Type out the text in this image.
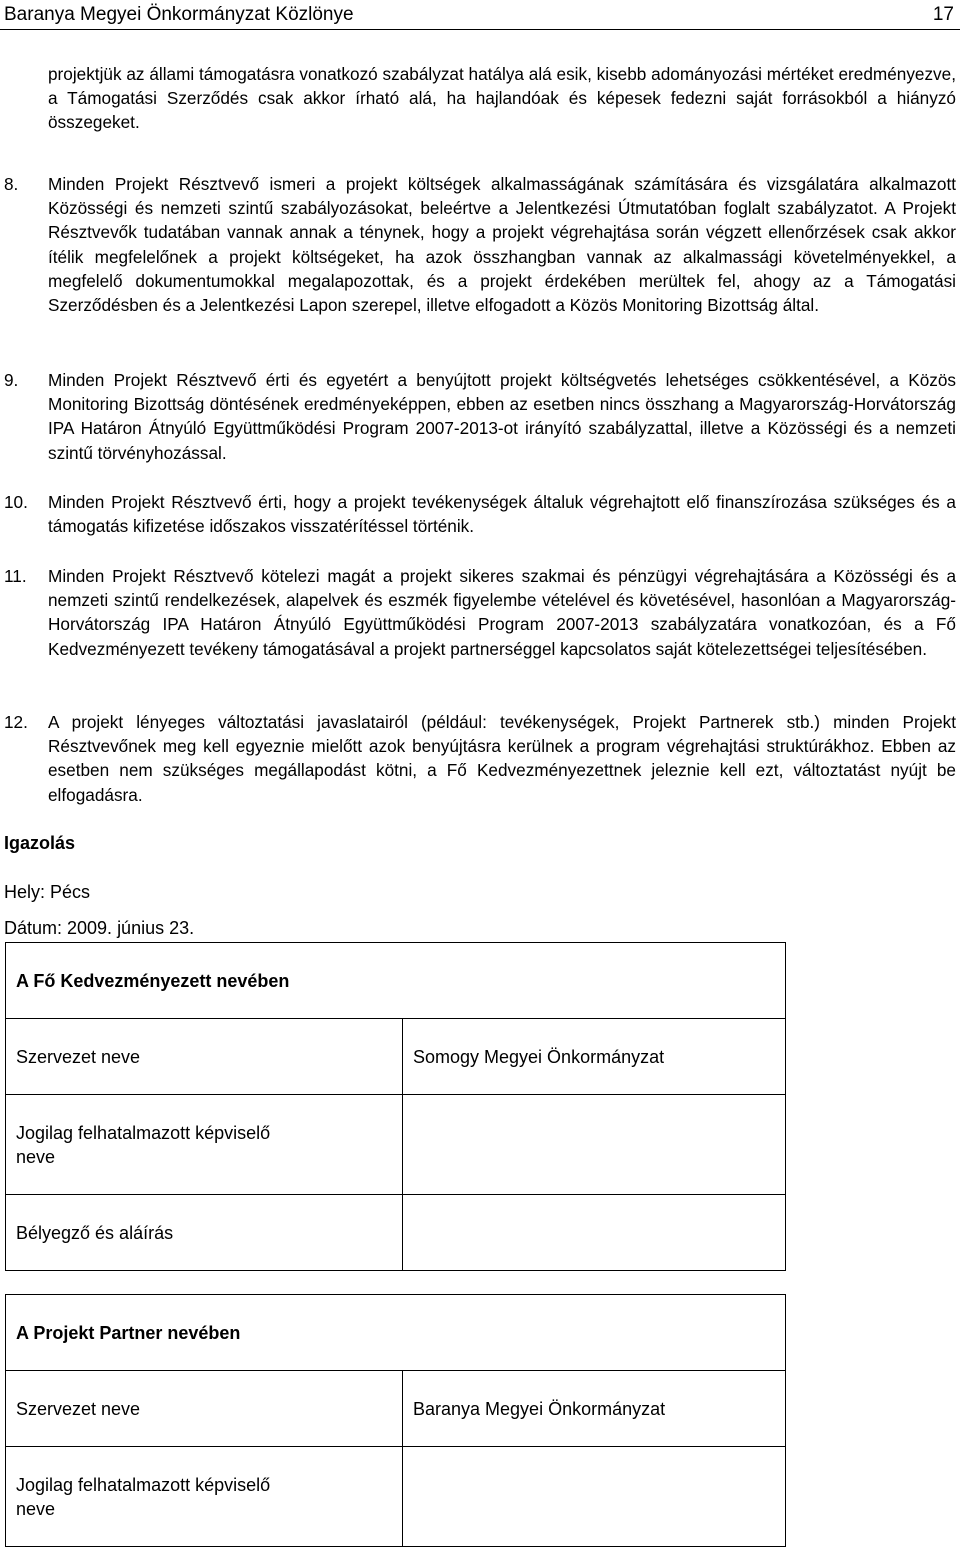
Baranya Megyei Önkormányzat Közlönye	17

projektjük az állami támogatásra vonatkozó szabályzat hatálya alá esik, kisebb adományozási mértéket eredményezve, a Támogatási Szerződés csak akkor írható alá, ha hajlandóak és képesek fedezni saját forrásokból a hiányzó összegeket.

8. Minden Projekt Résztvevő ismeri a projekt költségek alkalmasságának számítására és vizsgálatára alkalmazott Közösségi és nemzeti szintű szabályozásokat, beleértve a Jelentkezési Útmutatóban foglalt szabályzatot. A Projekt Résztvevők tudatában vannak annak a ténynek, hogy a projekt végrehajtása során végzett ellenőrzések csak akkor ítélik megfelelőnek a projekt költségeket, ha azok összhangban vannak az alkalmassági követelményekkel, a megfelelő dokumentumokkal megalapozottak, és a projekt érdekében merültek fel, ahogy az a Támogatási Szerződésben és a Jelentkezési Lapon szerepel, illetve elfogadott a Közös Monitoring Bizottság által.

9. Minden Projekt Résztvevő érti és egyetért a benyújtott projekt költségvetés lehetséges csökkentésével, a Közös Monitoring Bizottság döntésének eredményeképpen, ebben az esetben nincs összhang a Magyarország-Horvátország IPA Határon Átnyúló Együttműködési Program 2007-2013-ot irányító szabályzattal, illetve a Közösségi és a nemzeti szintű törvényhozással.

10. Minden Projekt Résztvevő érti, hogy a projekt tevékenységek általuk végrehajtott elő finanszírozása szükséges és a támogatás kifizetése időszakos visszatérítéssel történik.

11. Minden Projekt Résztvevő kötelezi magát a projekt sikeres szakmai és pénzügyi végrehajtására a Közösségi és a nemzeti szintű rendelkezések, alapelvek és eszmék figyelembe vételével és követésével, hasonlóan a Magyarország-Horvátország IPA Határon Átnyúló Együttműködési Program 2007-2013 szabályzatára vonatkozóan, és a Fő Kedvezményezett tevékeny támogatásával a projekt partnerséggel kapcsolatos saját kötelezettségei teljesítésében.

12. A projekt lényeges változtatási javaslatairól (például: tevékenységek, Projekt Partnerek stb.) minden Projekt Résztvevőnek meg kell egyeznie mielőtt azok benyújtásra kerülnek a program végrehajtási struktúrákhoz. Ebben az esetben nem szükséges megállapodást kötni, a Fő Kedvezményezettnek jeleznie kell ezt, változtatást nyújt be elfogadásra.

Igazolás
Hely: Pécs
Dátum: 2009. június 23.
A Fő Kedvezményezett nevében	
Szervezet neve	Somogy Megyei Önkormányzat

Jogilag felhatalmazott képviselő neve	

Bélyegző és aláírás	
A Projekt Partner nevében	
Szervezet neve	Baranya Megyei Önkormányzat

Jogilag felhatalmazott képviselő neve	
